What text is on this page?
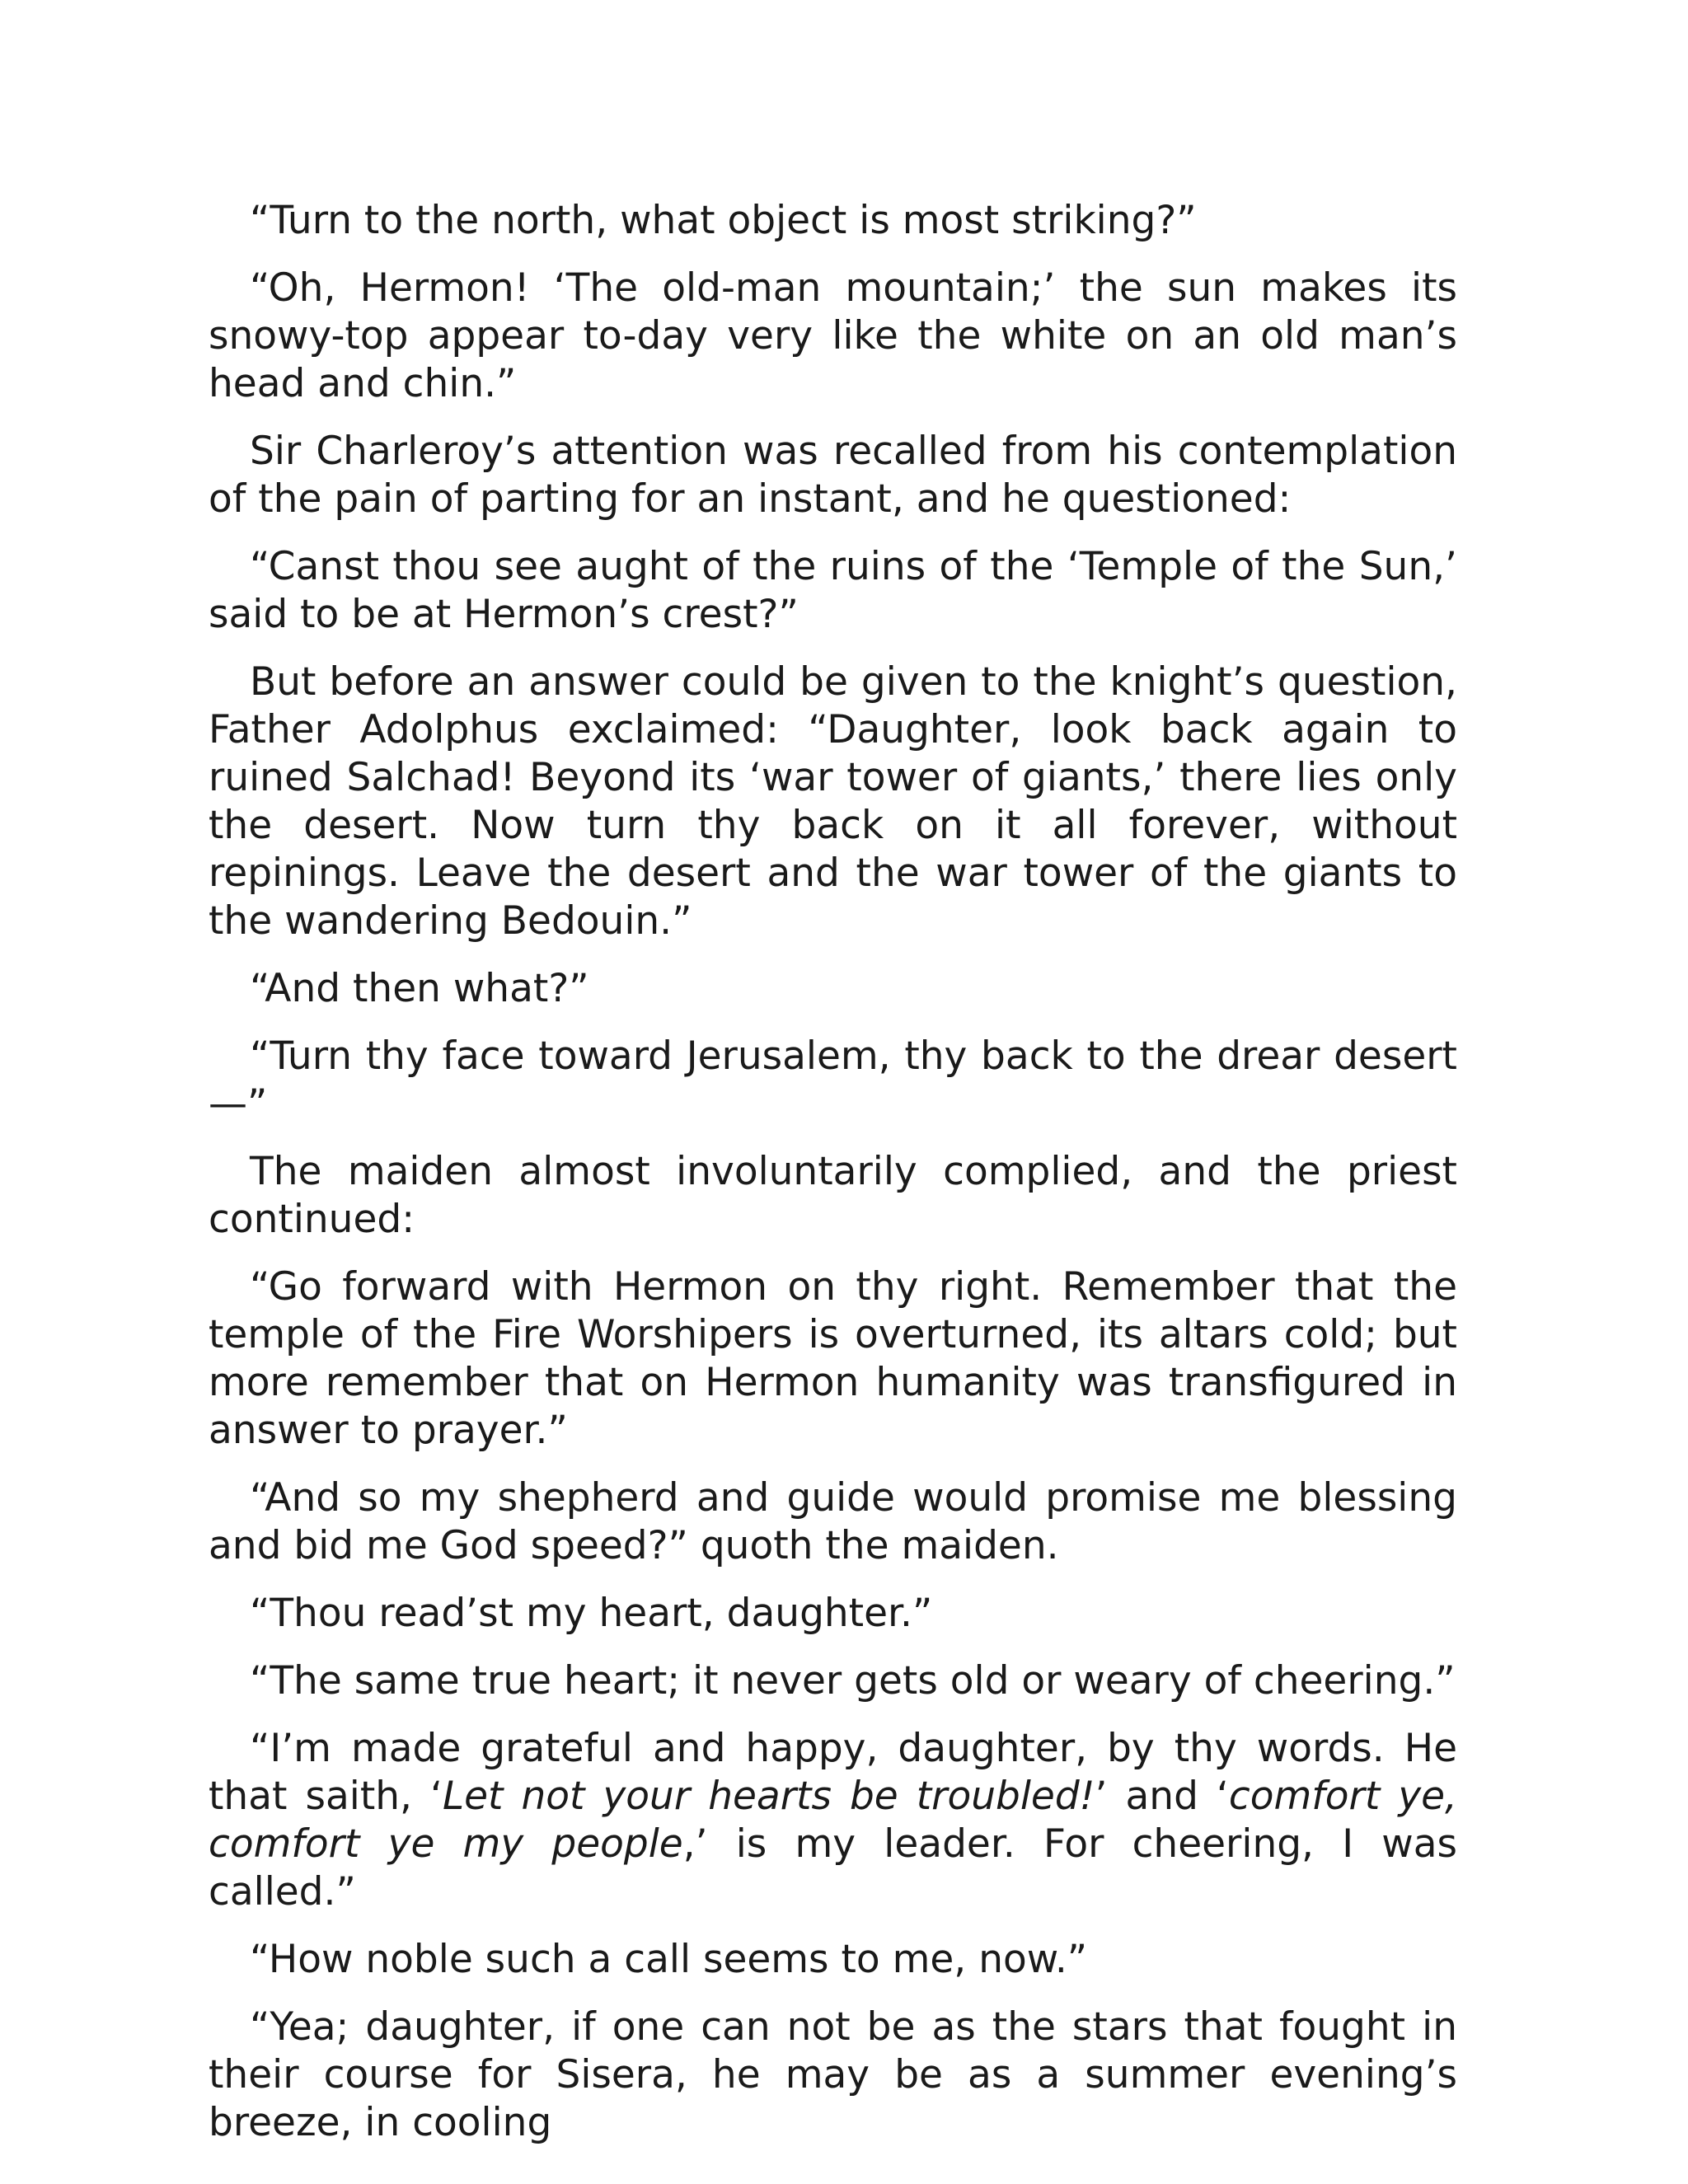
“Turn to the north, what object is most striking?”

“Oh, Hermon! ‘The old-man mountain;’ the sun makes its snowy-top appear to-day very like the white on an old man’s head and chin.”

Sir Charleroy’s attention was recalled from his contemplation of the pain of parting for an instant, and he questioned:

“Canst thou see aught of the ruins of the ‘Temple of the Sun,’ said to be at Hermon’s crest?”

But before an answer could be given to the knight’s question, Father Adolphus exclaimed: “Daughter, look back again to ruined Salchad! Beyond its ‘war tower of giants,’ there lies only the desert. Now turn thy back on it all forever, without repinings. Leave the desert and the war tower of the giants to the wandering Bedouin.”

“And then what?”

“Turn thy face toward Jerusalem, thy back to the drear desert—”

The maiden almost involuntarily complied, and the priest continued:

“Go forward with Hermon on thy right. Remember that the temple of the Fire Worshipers is overturned, its altars cold; but more remember that on Hermon humanity was transfigured in answer to prayer.”

“And so my shepherd and guide would promise me blessing and bid me God speed?” quoth the maiden.

“Thou read’st my heart, daughter.”

“The same true heart; it never gets old or weary of cheering.”

“I’m made grateful and happy, daughter, by thy words. He that saith, ‘Let not your hearts be troubled!’ and ‘comfort ye, comfort ye my people,’ is my leader. For cheering, I was called.”

“How noble such a call seems to me, now.”

“Yea; daughter, if one can not be as the stars that fought in their course for Sisera, he may be as a summer evening’s breeze, in cooling
